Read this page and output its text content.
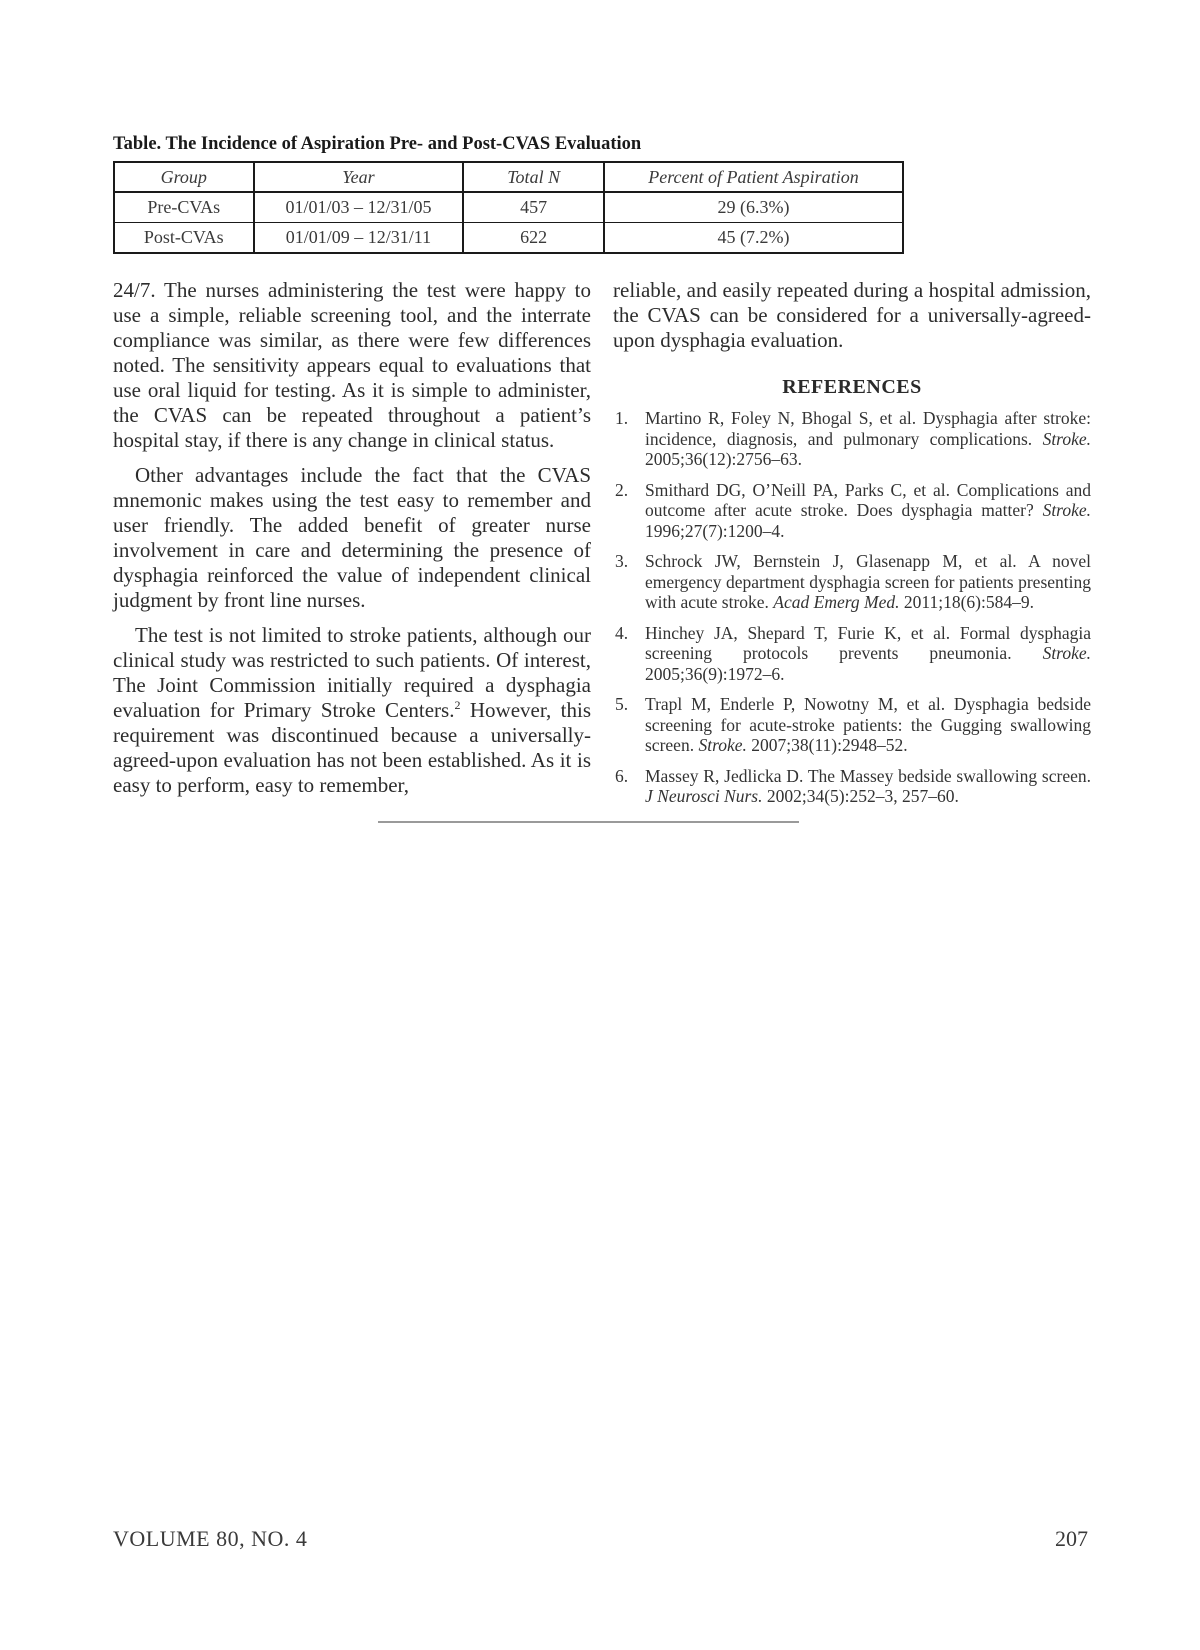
Table. The Incidence of Aspiration Pre- and Post-CVAS Evaluation
Group	Year	Total N	Percent of Patient Aspiration
Pre-CVAs	01/01/03 – 12/31/05	457	29 (6.3%)
Post-CVAs	01/01/09 – 12/31/11	622	45 (7.2%)

24/7. The nurses administering the test were happy to use a simple, reliable screening tool, and the interrate compliance was similar, as there were few differences noted. The sensitivity appears equal to evaluations that use oral liquid for testing. As it is simple to administer, the CVAS can be repeated throughout a patient’s hospital stay, if there is any change in clinical status.

Other advantages include the fact that the CVAS mnemonic makes using the test easy to remember and user friendly. The added benefit of greater nurse involvement in care and determining the presence of dysphagia reinforced the value of independent clinical judgment by front line nurses.

The test is not limited to stroke patients, although our clinical study was restricted to such patients. Of interest, The Joint Commission initially required a dysphagia evaluation for Primary Stroke Centers.$^2$ However, this requirement was discontinued because a universally-agreed-upon evaluation has not been established. As it is easy to perform, easy to remember,

reliable, and easily repeated during a hospital admission, the CVAS can be considered for a universally-agreed-upon dysphagia evaluation.

REFERENCES
1. Martino R, Foley N, Bhogal S, et al. Dysphagia after stroke: incidence, diagnosis, and pulmonary complications. Stroke. 2005;36(12):2756–63.
2. Smithard DG, O’Neill PA, Parks C, et al. Complications and outcome after acute stroke. Does dysphagia matter? Stroke. 1996;27(7):1200–4.
3. Schrock JW, Bernstein J, Glasenapp M, et al. A novel emergency department dysphagia screen for patients presenting with acute stroke. Acad Emerg Med. 2011;18(6):584–9.
4. Hinchey JA, Shepard T, Furie K, et al. Formal dysphagia screening protocols prevents pneumonia. Stroke. 2005;36(9):1972–6.
5. Trapl M, Enderle P, Nowotny M, et al. Dysphagia bedside screening for acute-stroke patients: the Gugging swallowing screen. Stroke. 2007;38(11):2948–52.
6. Massey R, Jedlicka D. The Massey bedside swallowing screen. J Neurosci Nurs. 2002;34(5):252–3, 257–60.
VOLUME 80, NO. 4	207
